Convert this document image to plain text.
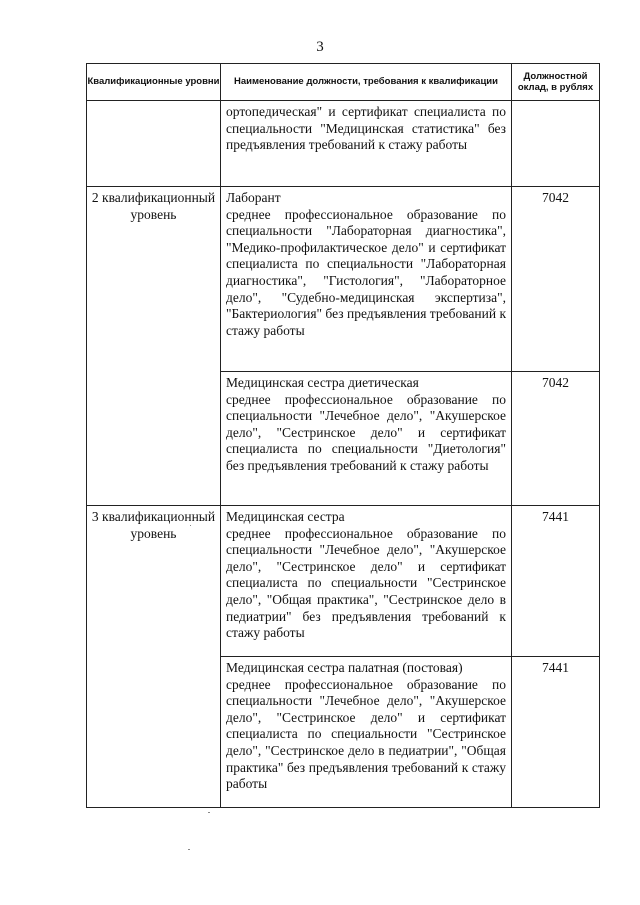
3
Квалификационные уровни	Наименование должности, требования к квалификации	Должностной оклад, в рублях

	ортопедическая" и сертификат специалиста по специальности "Медицинская статистика" без предъявления требований к стажу работы	

2 квалификационный уровень	Лаборант
среднее профессиональное образование по специальности "Лабораторная диагностика", "Медико-профилактическое дело" и сертификат специалиста по специальности "Лабораторная диагностика", "Гистология", "Лабораторное дело", "Судебно-медицинская экспертиза", "Бактериология" без предъявления требований к стажу работы	7042

	Медицинская сестра диетическая
среднее профессиональное образование по специальности "Лечебное дело", "Акушерское дело", "Сестринское дело" и сертификат специалиста по специальности "Диетология" без предъявления требований к стажу работы	7042
3 квалификационный уровень	Медицинская сестра
среднее профессиональное образование по специальности "Лечебное дело", "Акушерское дело", "Сестринское дело" и сертификат специалиста по специальности "Сестринское дело", "Общая практика", "Сестринское дело в педиатрии" без предъявления требований к стажу работы	7441

	Медицинская сестра палатная (постовая)
среднее профессиональное образование по специальности "Лечебное дело", "Акушерское дело", "Сестринское дело" и сертификат специалиста по специальности "Сестринское дело", "Сестринское дело в педиатрии", "Общая практика" без предъявления требований к стажу работы	7441
